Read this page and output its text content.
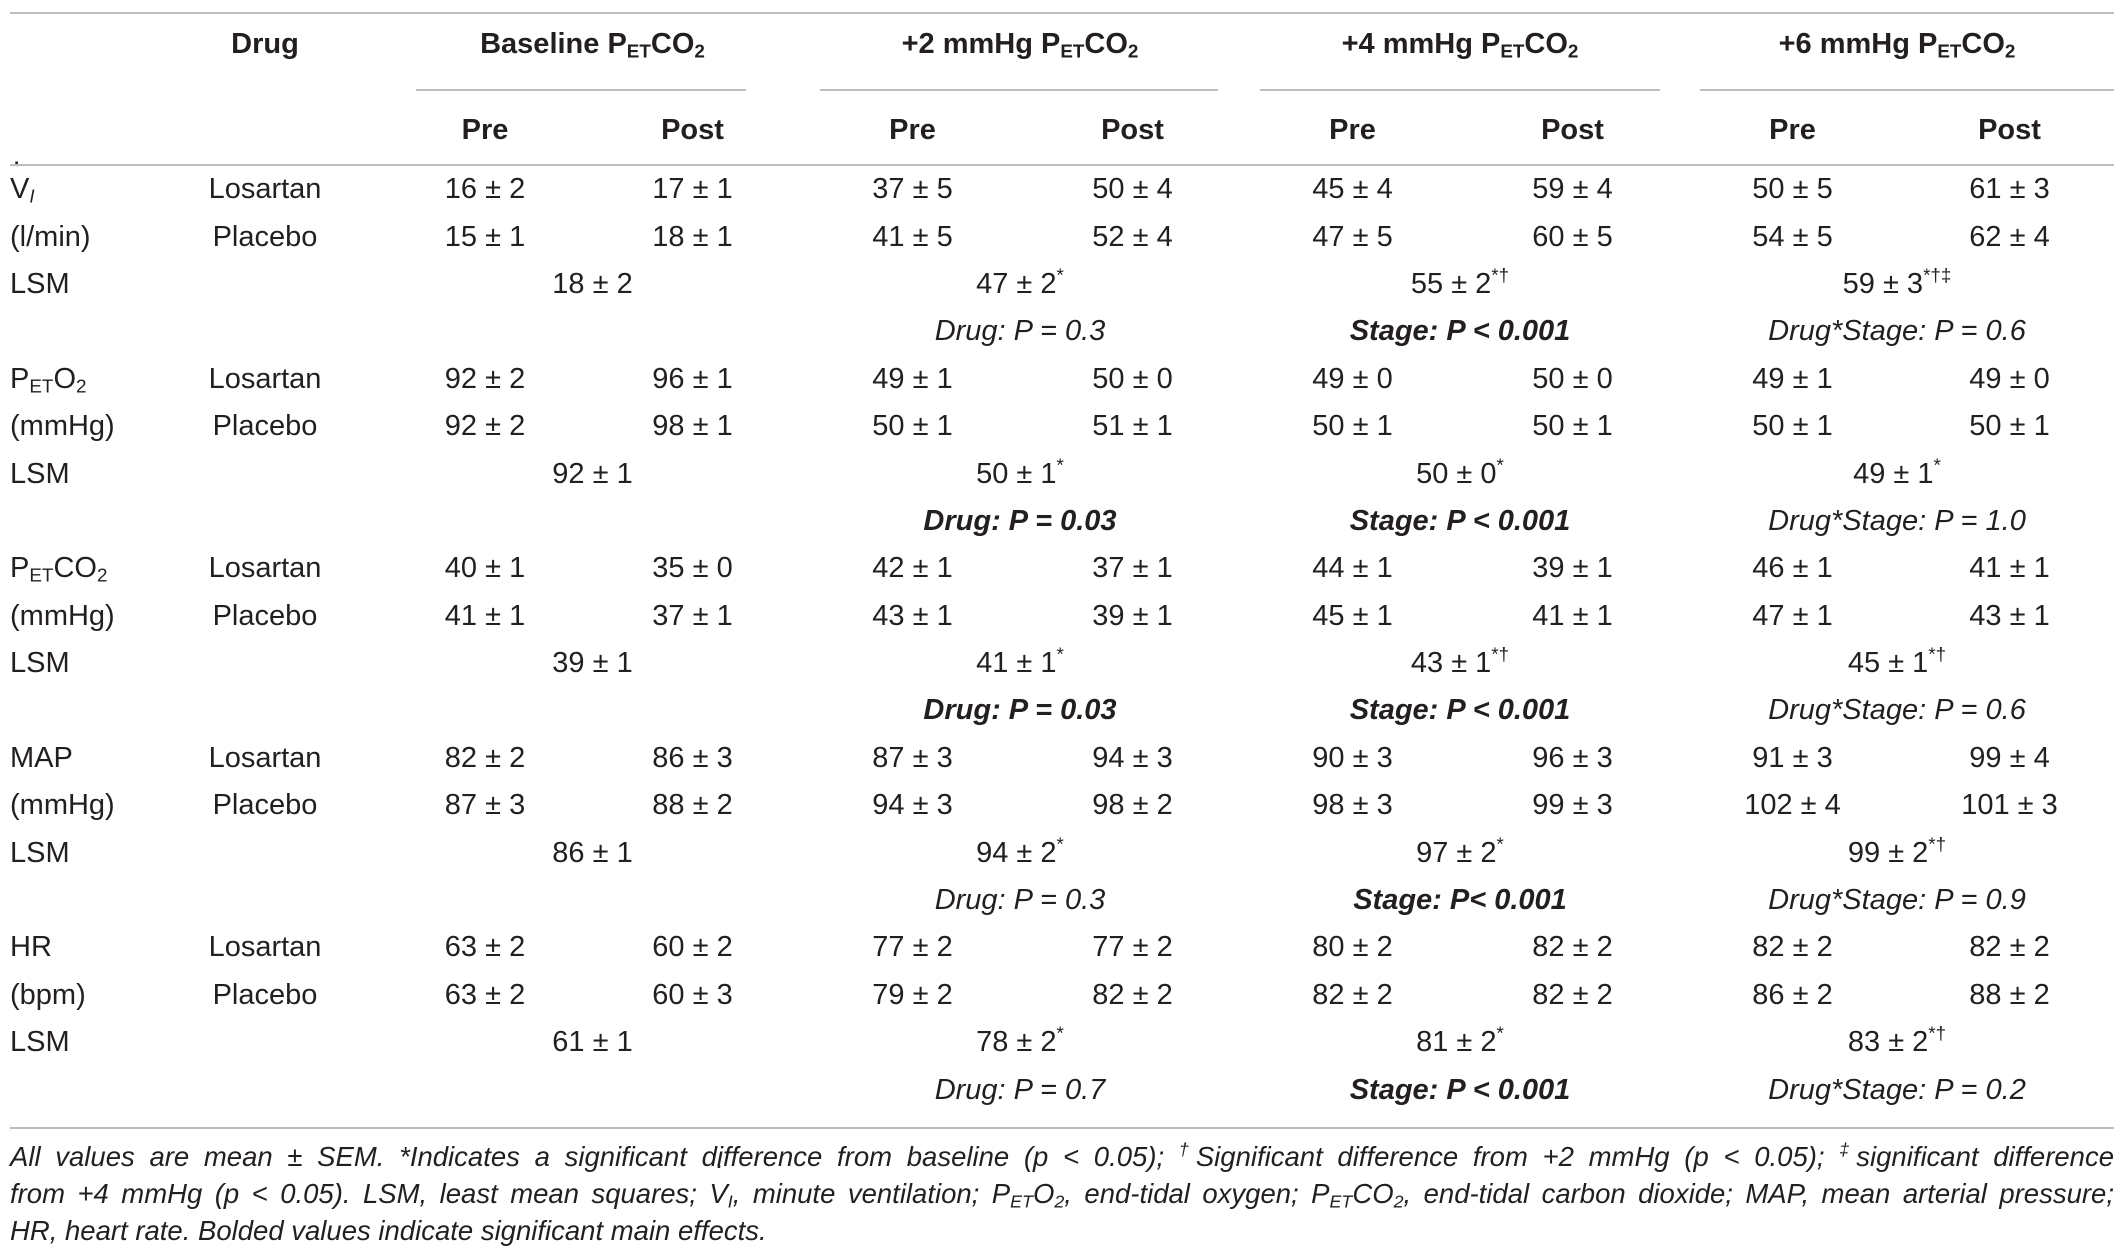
	Drug	Baseline $P_{ET}CO_2$		+2 mmHg $P_{ET}CO_2$		+4 mmHg $P_{ET}CO_2$		+6 mmHg $P_{ET}CO_2$

		Pre	Post	Pre	Post	Pre	Post	Pre	Post

˙ $V_I$	Losartan	16 ± 2	17 ± 1	37 ± 5	50 ± 4	45 ± 4	59 ± 4	50 ± 5	61 ± 3
(l/min)	Placebo	15 ± 1	18 ± 1	41 ± 5	52 ± 4	47 ± 5	60 ± 5	54 ± 5	62 ± 4
LSM		18 ± 2		47 ± 2*		55 ± 2*†		59 ± 3*†‡
				Drug: P = 0.3		Stage: P < 0.001		Drug*Stage: P = 0.6	
$P_{ET}O_2$	Losartan	92 ± 2	96 ± 1	49 ± 1	50 ± 0	49 ± 0	50 ± 0	49 ± 1	49 ± 0
(mmHg)	Placebo	92 ± 2	98 ± 1	50 ± 1	51 ± 1	50 ± 1	50 ± 1	50 ± 1	50 ± 1
LSM		92 ± 1		50 ± 1*		50 ± 0*		49 ± 1*
				Drug: P = 0.03		Stage: P < 0.001		Drug*Stage: P = 1.0	
$P_{ET}CO_2$	Losartan	40 ± 1	35 ± 0	42 ± 1	37 ± 1	44 ± 1	39 ± 1	46 ± 1	41 ± 1
(mmHg)	Placebo	41 ± 1	37 ± 1	43 ± 1	39 ± 1	45 ± 1	41 ± 1	47 ± 1	43 ± 1
LSM		39 ± 1		41 ± 1*		43 ± 1*†		45 ± 1*†
				Drug: P = 0.03		Stage: P < 0.001		Drug*Stage: P = 0.6	
MAP	Losartan	82 ± 2	86 ± 3	87 ± 3	94 ± 3	90 ± 3	96 ± 3	91 ± 3	99 ± 4
(mmHg)	Placebo	87 ± 3	88 ± 2	94 ± 3	98 ± 2	98 ± 3	99 ± 3	102 ± 4	101 ± 3
LSM		86 ± 1		94 ± 2*		97 ± 2*		99 ± 2*†
				Drug: P = 0.3		Stage: P< 0.001		Drug*Stage: P = 0.9	
HR	Losartan	63 ± 2	60 ± 2	77 ± 2	77 ± 2	80 ± 2	82 ± 2	82 ± 2	82 ± 2
(bpm)	Placebo	63 ± 2	60 ± 3	79 ± 2	82 ± 2	82 ± 2	82 ± 2	86 ± 2	88 ± 2
LSM		61 ± 1		78 ± 2*		81 ± 2*		83 ± 2*†
				Drug: P = 0.7		Stage: P < 0.001		Drug*Stage: P = 0.2	
All values are mean ± SEM. *Indicates a significant difference from baseline (p < 0.05); †Significant difference from +2 mmHg (p < 0.05); ‡significant difference
from +4 mmHg (p < 0.05). LSM, least mean squares; ˙ $V_I$, minute ventilation; $P_{ET}O_2$, end-tidal oxygen; $P_{ET}CO_2$, end-tidal carbon dioxide; MAP, mean arterial pressure;
HR, heart rate. Bolded values indicate significant main effects.
